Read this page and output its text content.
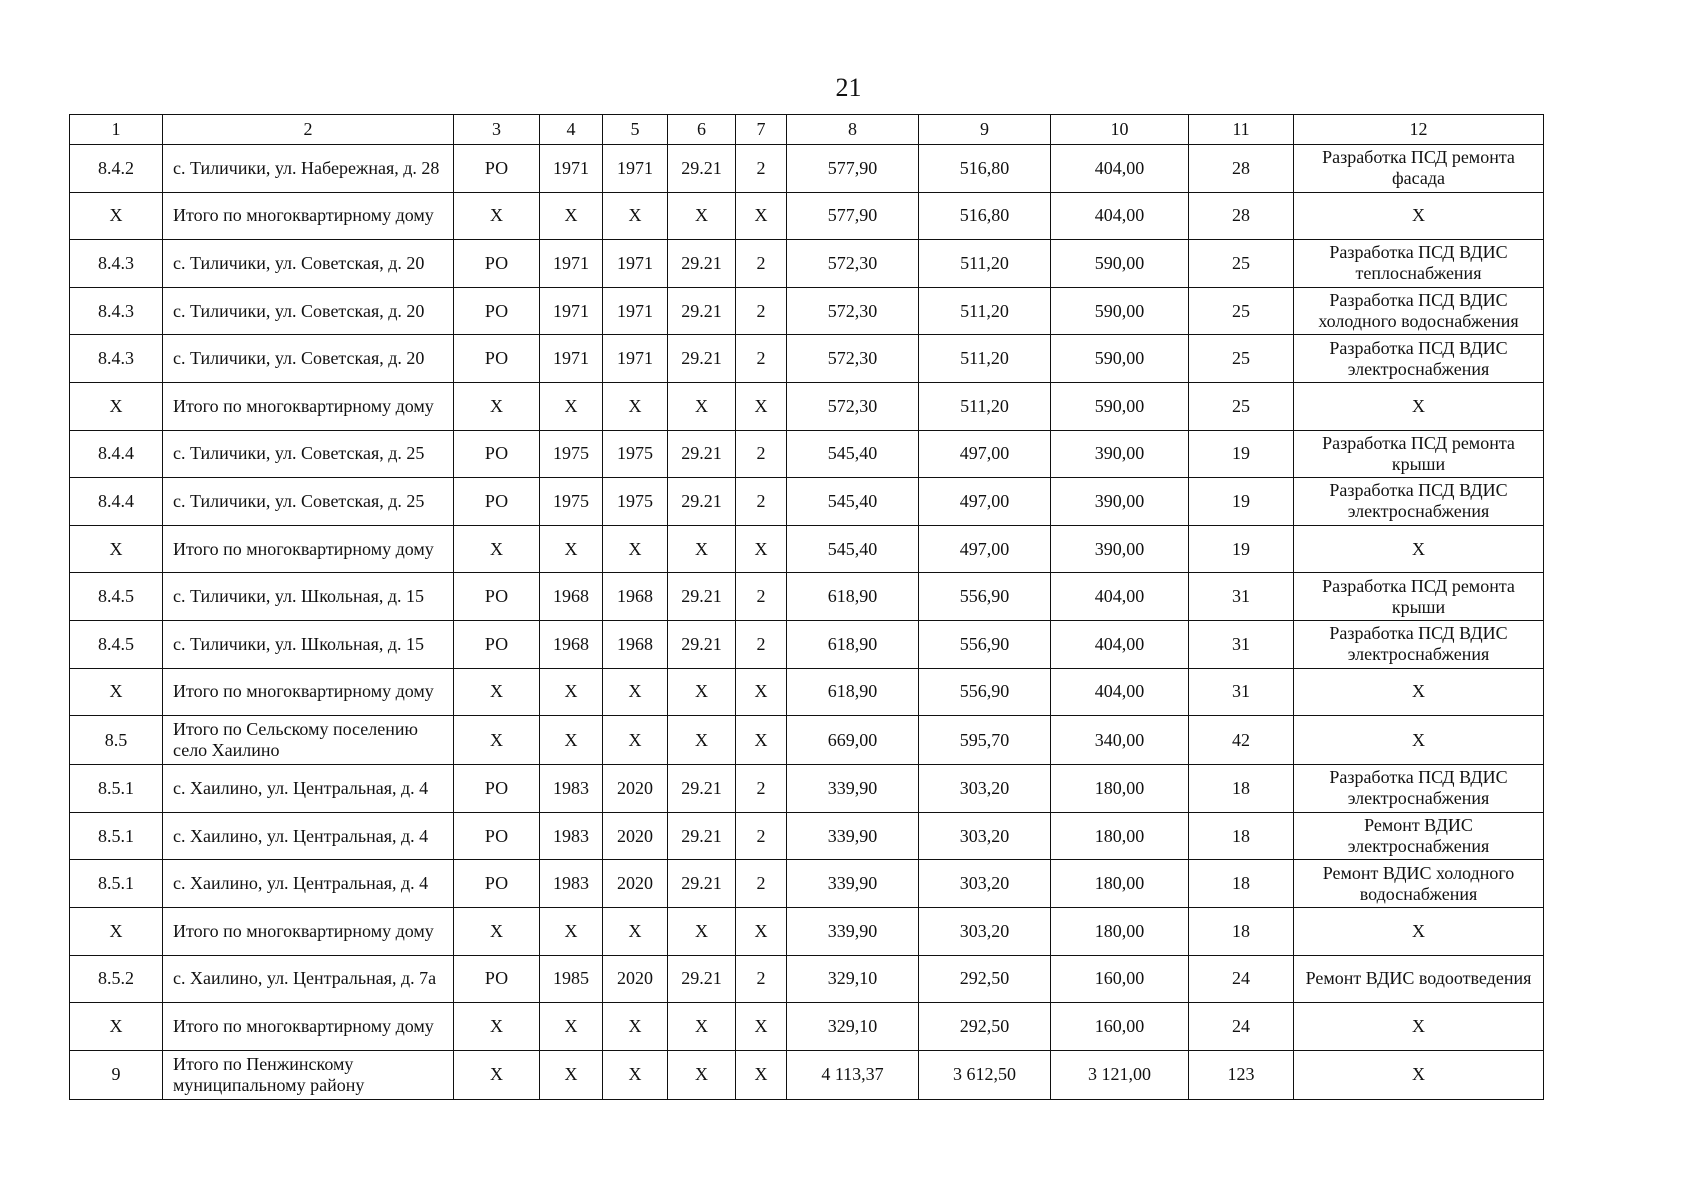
21
1	2	3	4	5	6	7	8	9	10	11	12
8.4.2	с. Тиличики, ул. Набережная, д. 28	РО	1971	1971	29.21	2	577,90	516,80	404,00	28	Разработка ПСД ремонта фасада
Х	Итого по многоквартирному дому	Х	Х	Х	Х	Х	577,90	516,80	404,00	28	Х
8.4.3	с. Тиличики, ул. Советская, д. 20	РО	1971	1971	29.21	2	572,30	511,20	590,00	25	Разработка ПСД ВДИС теплоснабжения
8.4.3	с. Тиличики, ул. Советская, д. 20	РО	1971	1971	29.21	2	572,30	511,20	590,00	25	Разработка ПСД ВДИС холодного водоснабжения
8.4.3	с. Тиличики, ул. Советская, д. 20	РО	1971	1971	29.21	2	572,30	511,20	590,00	25	Разработка ПСД ВДИС электроснабжения
Х	Итого по многоквартирному дому	Х	Х	Х	Х	Х	572,30	511,20	590,00	25	Х
8.4.4	с. Тиличики, ул. Советская, д. 25	РО	1975	1975	29.21	2	545,40	497,00	390,00	19	Разработка ПСД ремонта крыши
8.4.4	с. Тиличики, ул. Советская, д. 25	РО	1975	1975	29.21	2	545,40	497,00	390,00	19	Разработка ПСД ВДИС электроснабжения
Х	Итого по многоквартирному дому	Х	Х	Х	Х	Х	545,40	497,00	390,00	19	Х
8.4.5	с. Тиличики, ул. Школьная, д. 15	РО	1968	1968	29.21	2	618,90	556,90	404,00	31	Разработка ПСД ремонта крыши
8.4.5	с. Тиличики, ул. Школьная, д. 15	РО	1968	1968	29.21	2	618,90	556,90	404,00	31	Разработка ПСД ВДИС электроснабжения
Х	Итого по многоквартирному дому	Х	Х	Х	Х	Х	618,90	556,90	404,00	31	Х
8.5	Итого по Сельскому поселению село Хаилино	Х	Х	Х	Х	Х	669,00	595,70	340,00	42	Х
8.5.1	с. Хаилино, ул. Центральная, д. 4	РО	1983	2020	29.21	2	339,90	303,20	180,00	18	Разработка ПСД ВДИС электроснабжения
8.5.1	с. Хаилино, ул. Центральная, д. 4	РО	1983	2020	29.21	2	339,90	303,20	180,00	18	Ремонт ВДИС электроснабжения
8.5.1	с. Хаилино, ул. Центральная, д. 4	РО	1983	2020	29.21	2	339,90	303,20	180,00	18	Ремонт ВДИС холодного водоснабжения
Х	Итого по многоквартирному дому	Х	Х	Х	Х	Х	339,90	303,20	180,00	18	Х
8.5.2	с. Хаилино, ул. Центральная, д. 7а	РО	1985	2020	29.21	2	329,10	292,50	160,00	24	Ремонт ВДИС водоотведения
Х	Итого по многоквартирному дому	Х	Х	Х	Х	Х	329,10	292,50	160,00	24	Х
9	Итого по Пенжинскому муниципальному району	Х	Х	Х	Х	Х	4 113,37	3 612,50	3 121,00	123	Х
